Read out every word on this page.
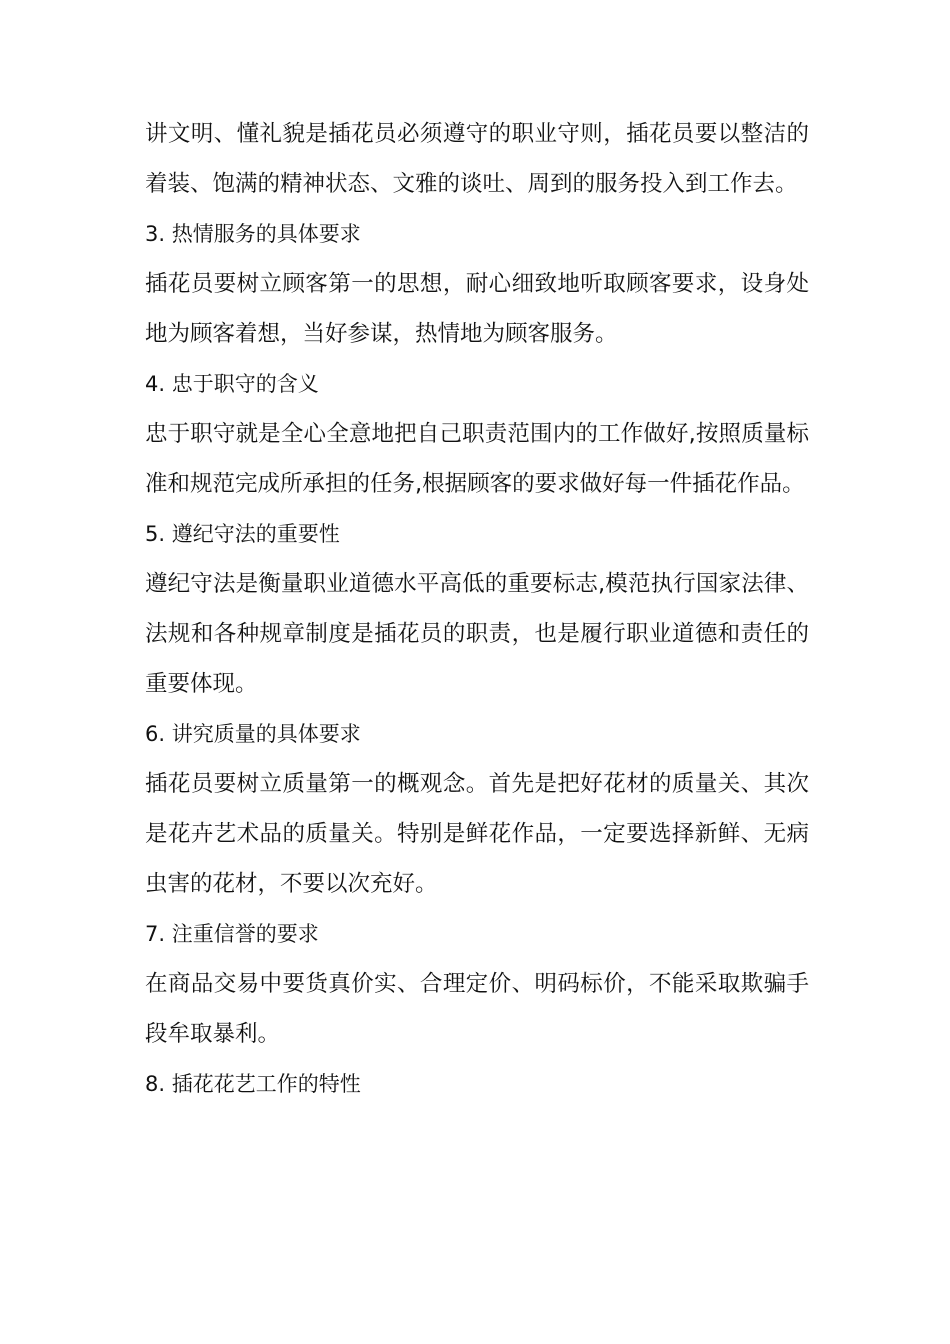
讲文明、懂礼貌是插花员必须遵守的职业守则，插花员要以整洁的着装、饱满的精神状态、文雅的谈吐、周到的服务投入到工作去。

3. 热情服务的具体要求

插花员要树立顾客第一的思想，耐心细致地听取顾客要求，设身处地为顾客着想，当好参谋，热情地为顾客服务。

4. 忠于职守的含义

忠于职守就是全心全意地把自己职责范围内的工作做好,按照质量标准和规范完成所承担的任务,根据顾客的要求做好每一件插花作品。

5. 遵纪守法的重要性

遵纪守法是衡量职业道德水平高低的重要标志,模范执行国家法律、法规和各种规章制度是插花员的职责，也是履行职业道德和责任的重要体现。

6. 讲究质量的具体要求

插花员要树立质量第一的概观念。首先是把好花材的质量关、其次是花卉艺术品的质量关。特别是鲜花作品，一定要选择新鲜、无病虫害的花材，不要以次充好。

7. 注重信誉的要求

在商品交易中要货真价实、合理定价、明码标价，不能采取欺骗手段牟取暴利。

8. 插花花艺工作的特性
